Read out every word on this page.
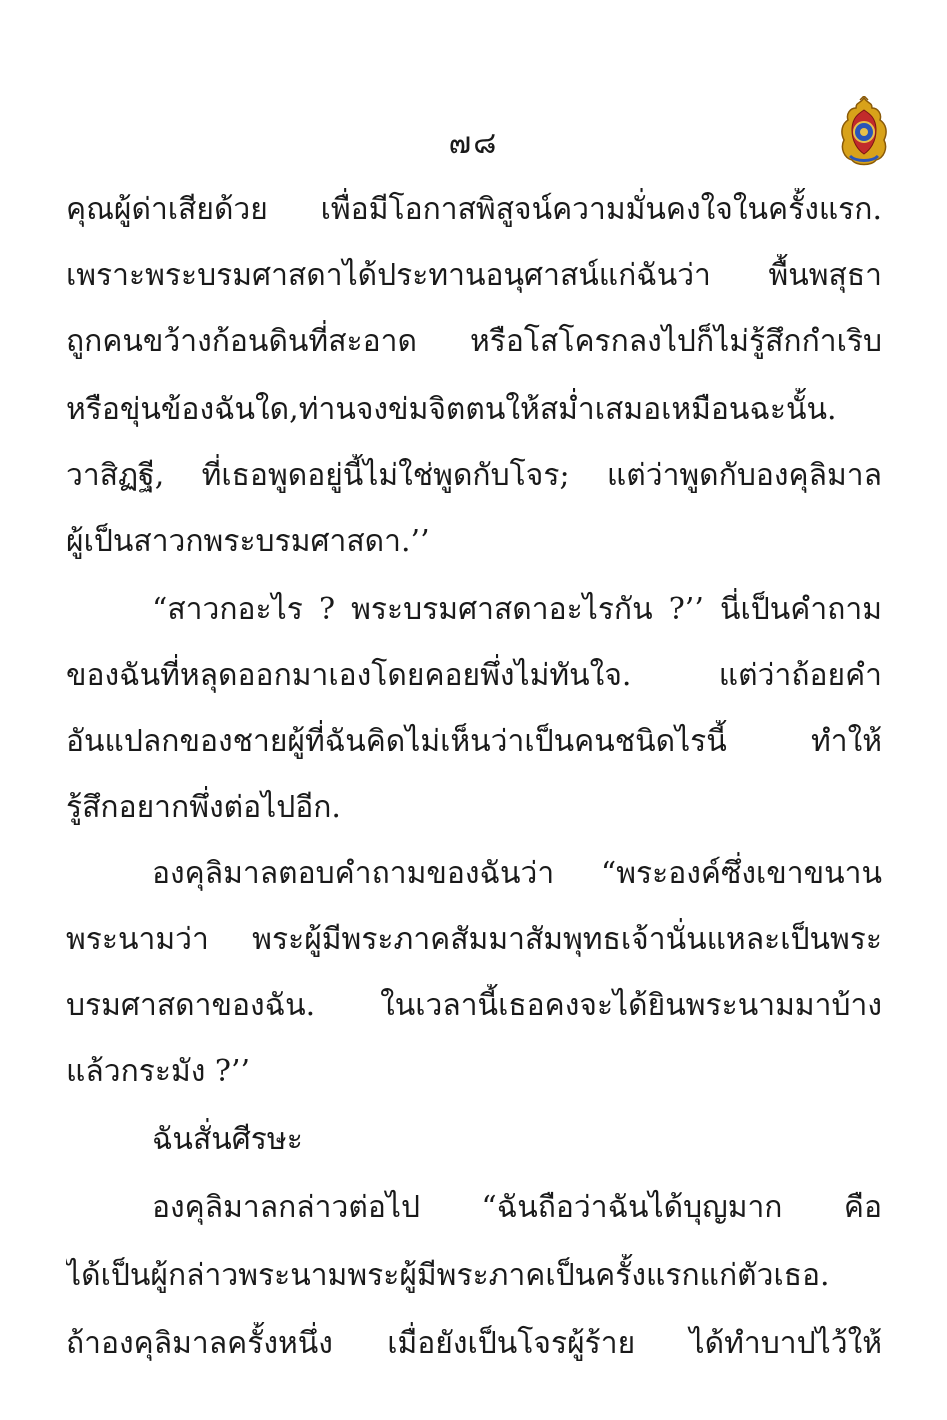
๗๘
คุณผู้ด่าเสียด้วย เพื่อมีโอกาสพิสูจน์ความมั่นคงใจในครั้งแรก.
เพราะพระบรมศาสดาได้ประทานอนุศาสน์แก่ฉันว่า พื้นพสุธา
ถูกคนขว้างก้อนดินที่สะอาด หรือโสโครกลงไปก็ไม่รู้สึกกำเริบ
หรือขุ่นข้องฉันใด,ท่านจงข่มจิตตนให้สม่ำเสมอเหมือนฉะนั้น.
วาสิฏฐี, ที่เธอพูดอยู่นี้ไม่ใช่พูดกับโจร; แต่ว่าพูดกับองคุลิมาล
ผู้เป็นสาวกพระบรมศาสดา.’’
“สาวกอะไร ? พระบรมศาสดาอะไรกัน ?’’ นี่เป็นคำถาม
ของฉันที่หลุดออกมาเองโดยคอยพึ่งไม่ทันใจ. แต่ว่าถ้อยคำ
อันแปลกของชายผู้ที่ฉันคิดไม่เห็นว่าเป็นคนชนิดไรนี้ ทำให้
รู้สึกอยากพึ่งต่อไปอีก.
องคุลิมาลตอบคำถามของฉันว่า “พระองค์ซึ่งเขาขนาน
พระนามว่า พระผู้มีพระภาคสัมมาสัมพุทธเจ้านั่นแหละเป็นพระ
บรมศาสดาของฉัน. ในเวลานี้เธอคงจะได้ยินพระนามมาบ้าง
แล้วกระมัง ?’’
ฉันสั่นศีรษะ
องคุลิมาลกล่าวต่อไป “ฉันถือว่าฉันได้บุญมาก คือ
ได้เป็นผู้กล่าวพระนามพระผู้มีพระภาคเป็นครั้งแรกแก่ตัวเธอ.
ถ้าองคุลิมาลครั้งหนึ่ง เมื่อยังเป็นโจรผู้ร้าย ได้ทำบาปไว้ให้
